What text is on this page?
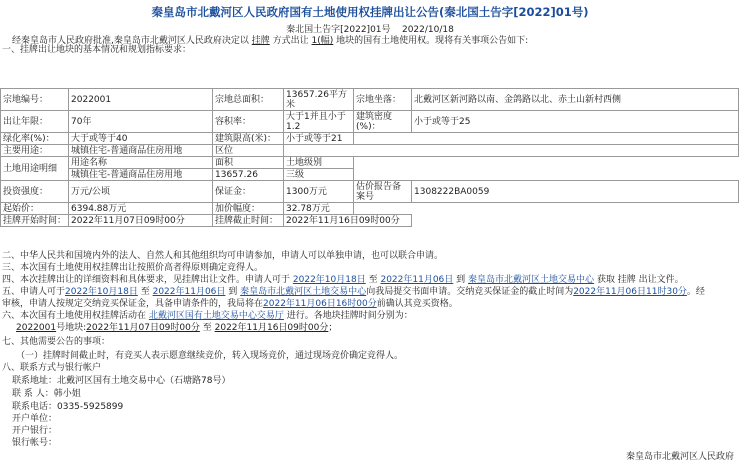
秦皇岛市北戴河区人民政府国有土地使用权挂牌出让公告(秦北国土告字[2022]01号)
秦北国土告字[2022]01号 2022/10/18
经秦皇岛市人民政府批准,秦皇岛市北戴河区人民政府决定以 挂牌 方式出让 1(幅) 地块的国有土地使用权。现将有关事项公告如下:
一、挂牌出让地块的基本情况和规划指标要求：
宗地编号：	2022001	宗地总面积：	13657.26平方米	宗地坐落：	北戴河区新河路以南、金鸽路以北、赤土山新村西侧
出让年限：	70年	容积率：	大于1并且小于1.2	建筑密度(%)：	小于或等于25
绿化率(%)：	大于或等于40	建筑限高(米)：	小于或等于21		
主要用途：	城镇住宅-普通商品住房用地	区位			
土地用途明细	用途名称	面积	土地级别		
	城镇住宅-普通商品住房用地	13657.26	三级		
投资强度：	万元/公顷	保证金：	1300万元	估价报告备案号	1308222BA0059
起始价：	6394.88万元	加价幅度：	32.78万元		
挂牌开始时间：	2022年11月07日09时00分	挂牌截止时间：	2022年11月16日09时00分		
二、中华人民共和国境内外的法人、自然人和其他组织均可申请参加，申请人可以单独申请，也可以联合申请。
三、本次国有土地使用权挂牌出让按照价高者得原则确定竞得人。
四、本次挂牌出让的详细资料和具体要求，见挂牌出让文件。申请人可于 2022年10月18日 至 2022年11月06日 到 秦皇岛市北戴河区土地交易中心 获取 挂牌 出让文件。
五、申请人可于2022年10月18日 至 2022年11月06日 到 秦皇岛市北戴河区土地交易中心向我局提交书面申请。交纳竞买保证金的截止时间为2022年11月06日11时30分。经
审核，申请人按规定交纳竞买保证金，具备申请条件的，我局将在2022年11月06日16时00分前确认其竞买资格。
六、本次国有土地使用权挂牌活动在 北戴河区国有土地交易中心交易厅 进行。各地块挂牌时间分别为：
2022001号地块:2022年11月07日09时00分 至 2022年11月16日09时00分；
七、其他需要公告的事项：
（一）挂牌时间截止时，有竞买人表示愿意继续竞价，转入现场竞价，通过现场竞价确定竞得人。
八、联系方式与银行帐户
联系地址：北戴河区国有土地交易中心（石塘路78号）
联 系 人：韩小姐
联系电话：0335-5925899
开户单位：
开户银行：
银行帐号：
秦皇岛市北戴河区人民政府
